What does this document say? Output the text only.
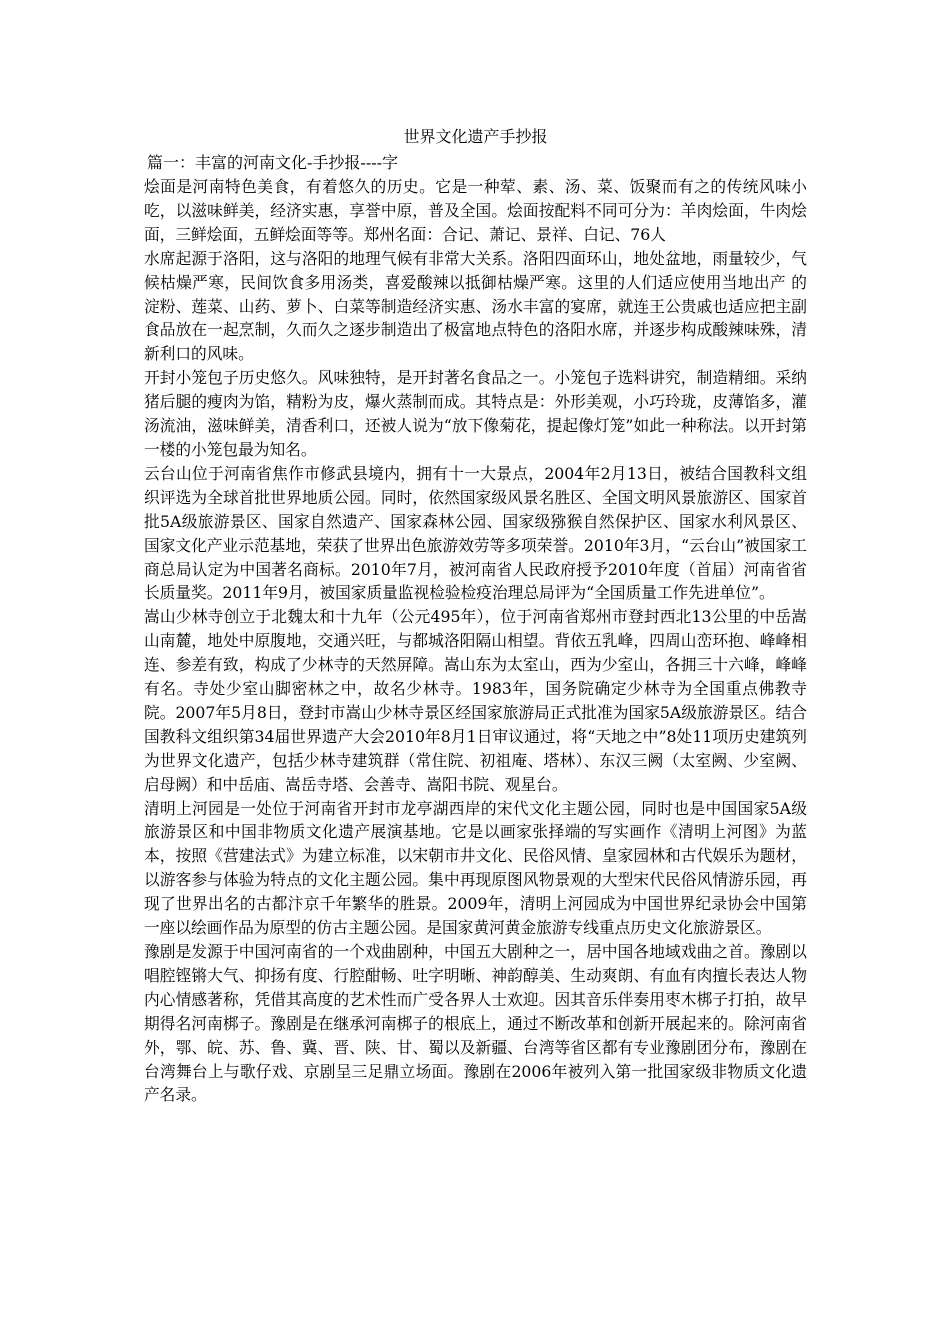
世界文化遗产手抄报
篇一：丰富的河南文化-手抄报----字

烩面是河南特色美食，有着悠久的历史。它是一种荤、素、汤、菜、饭聚而有之的传统风味小吃，以滋味鲜美，经济实惠，享誉中原，普及全国。烩面按配料不同可分为：羊肉烩面，牛肉烩面，三鲜烩面，五鲜烩面等等。郑州名面：合记、萧记、景祥、白记、76人

水席起源于洛阳，这与洛阳的地理气候有非常大关系。洛阳四面环山，地处盆地，雨量较少，气候枯燥严寒，民间饮食多用汤类，喜爱酸辣以抵御枯燥严寒。这里的人们适应使用当地出产 的淀粉、莲菜、山药、萝卜、白菜等制造经济实惠、汤水丰富的宴席，就连王公贵戚也适应把主副食品放在一起烹制，久而久之逐步制造出了极富地点特色的洛阳水席，并逐步构成酸辣味殊，清新利口的风味。

开封小笼包子历史悠久。风味独特，是开封著名食品之一。小笼包子选料讲究，制造精细。采纳猪后腿的瘦肉为馅，精粉为皮，爆火蒸制而成。其特点是：外形美观，小巧玲珑，皮薄馅多，灌汤流油，滋味鲜美，清香利口，还被人说为“放下像菊花，提起像灯笼”如此一种称法。以开封第一楼的小笼包最为知名。

云台山位于河南省焦作市修武县境内，拥有十一大景点，2004年2月13日，被结合国教科文组织评选为全球首批世界地质公园。同时，依然国家级风景名胜区、全国文明风景旅游区、国家首批5A级旅游景区、国家自然遗产、国家森林公园、国家级猕猴自然保护区、国家水利风景区、国家文化产业示范基地，荣获了世界出色旅游效劳等多项荣誉。2010年3月，“云台山”被国家工商总局认定为中国著名商标。2010年7月，被河南省人民政府授予2010年度（首届）河南省省长质量奖。2011年9月，被国家质量监视检验检疫治理总局评为“全国质量工作先进单位”。

嵩山少林寺创立于北魏太和十九年（公元495年），位于河南省郑州市登封西北13公里的中岳嵩山南麓，地处中原腹地，交通兴旺，与都城洛阳隔山相望。背依五乳峰，四周山峦环抱、峰峰相连、参差有致，构成了少林寺的天然屏障。嵩山东为太室山，西为少室山，各拥三十六峰，峰峰有名。寺处少室山脚密林之中，故名少林寺。1983年，国务院确定少林寺为全国重点佛教寺院。2007年5月8日，登封市嵩山少林寺景区经国家旅游局正式批准为国家5A级旅游景区。结合国教科文组织第34届世界遗产大会2010年8月1日审议通过，将“天地之中”8处11项历史建筑列为世界文化遗产，包括少林寺建筑群（常住院、初祖庵、塔林）、东汉三阙（太室阙、少室阙、启母阙）和中岳庙、嵩岳寺塔、会善寺、嵩阳书院、观星台。

清明上河园是一处位于河南省开封市龙亭湖西岸的宋代文化主题公园，同时也是中国国家5A级旅游景区和中国非物质文化遗产展演基地。它是以画家张择端的写实画作《清明上河图》为蓝本，按照《营建法式》为建立标准，以宋朝市井文化、民俗风情、皇家园林和古代娱乐为题材，以游客参与体验为特点的文化主题公园。集中再现原图风物景观的大型宋代民俗风情游乐园，再现了世界出名的古都汴京千年繁华的胜景。2009年，清明上河园成为中国世界纪录协会中国第一座以绘画作品为原型的仿古主题公园。是国家黄河黄金旅游专线重点历史文化旅游景区。

豫剧是发源于中国河南省的一个戏曲剧种，中国五大剧种之一，居中国各地域戏曲之首。豫剧以唱腔铿锵大气、抑扬有度、行腔酣畅、吐字明晰、神韵醇美、生动爽朗、有血有肉擅长表达人物内心情感著称，凭借其高度的艺术性而广受各界人士欢迎。因其音乐伴奏用枣木梆子打拍，故早期得名河南梆子。豫剧是在继承河南梆子的根底上，通过不断改革和创新开展起来的。除河南省外，鄂、皖、苏、鲁、冀、晋、陕、甘、蜀以及新疆、台湾等省区都有专业豫剧团分布，豫剧在台湾舞台上与歌仔戏、京剧呈三足鼎立场面。豫剧在2006年被列入第一批国家级非物质文化遗产名录。
